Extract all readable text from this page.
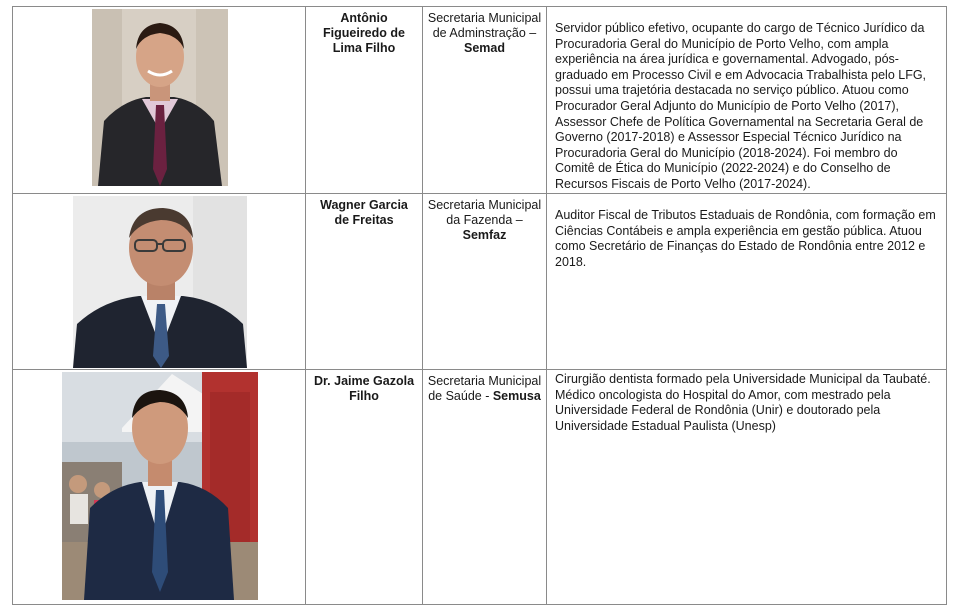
Antônio Figueiredo de Lima Filho	Secretaria Municipal de Adminstração – Semad	Servidor público efetivo, ocupante do cargo de Técnico Jurídico da Procuradoria Geral do Município de Porto Velho, com ampla experiência na área jurídica e governamental. Advogado, pós-graduado em Processo Civil e em Advocacia Trabalhista pelo LFG, possui uma trajetória destacada no serviço público. Atuou como Procurador Geral Adjunto do Município de Porto Velho (2017), Assessor Chefe de Política Governamental na Secretaria Geral de Governo (2017-2018) e Assessor Especial Técnico Jurídico na Procuradoria Geral do Município (2018-2024). Foi membro do Comitê de Ética do Município (2022-2024) e do Conselho de Recursos Fiscais de Porto Velho (2017-2024).

Wagner Garcia de Freitas	Secretaria Municipal da Fazenda – Semfaz	Auditor Fiscal de Tributos Estaduais de Rondônia, com formação em Ciências Contábeis e ampla experiência em gestão pública. Atuou como Secretário de Finanças do Estado de Rondônia entre 2012 e 2018.

Dr. Jaime Gazola Filho	Secretaria Municipal de Saúde - Semusa	Cirurgião dentista formado pela Universidade Municipal da Taubaté. Médico oncologista do Hospital do Amor, com mestrado pela Universidade Federal de Rondônia (Unir) e doutorado pela Universidade Estadual Paulista (Unesp)
